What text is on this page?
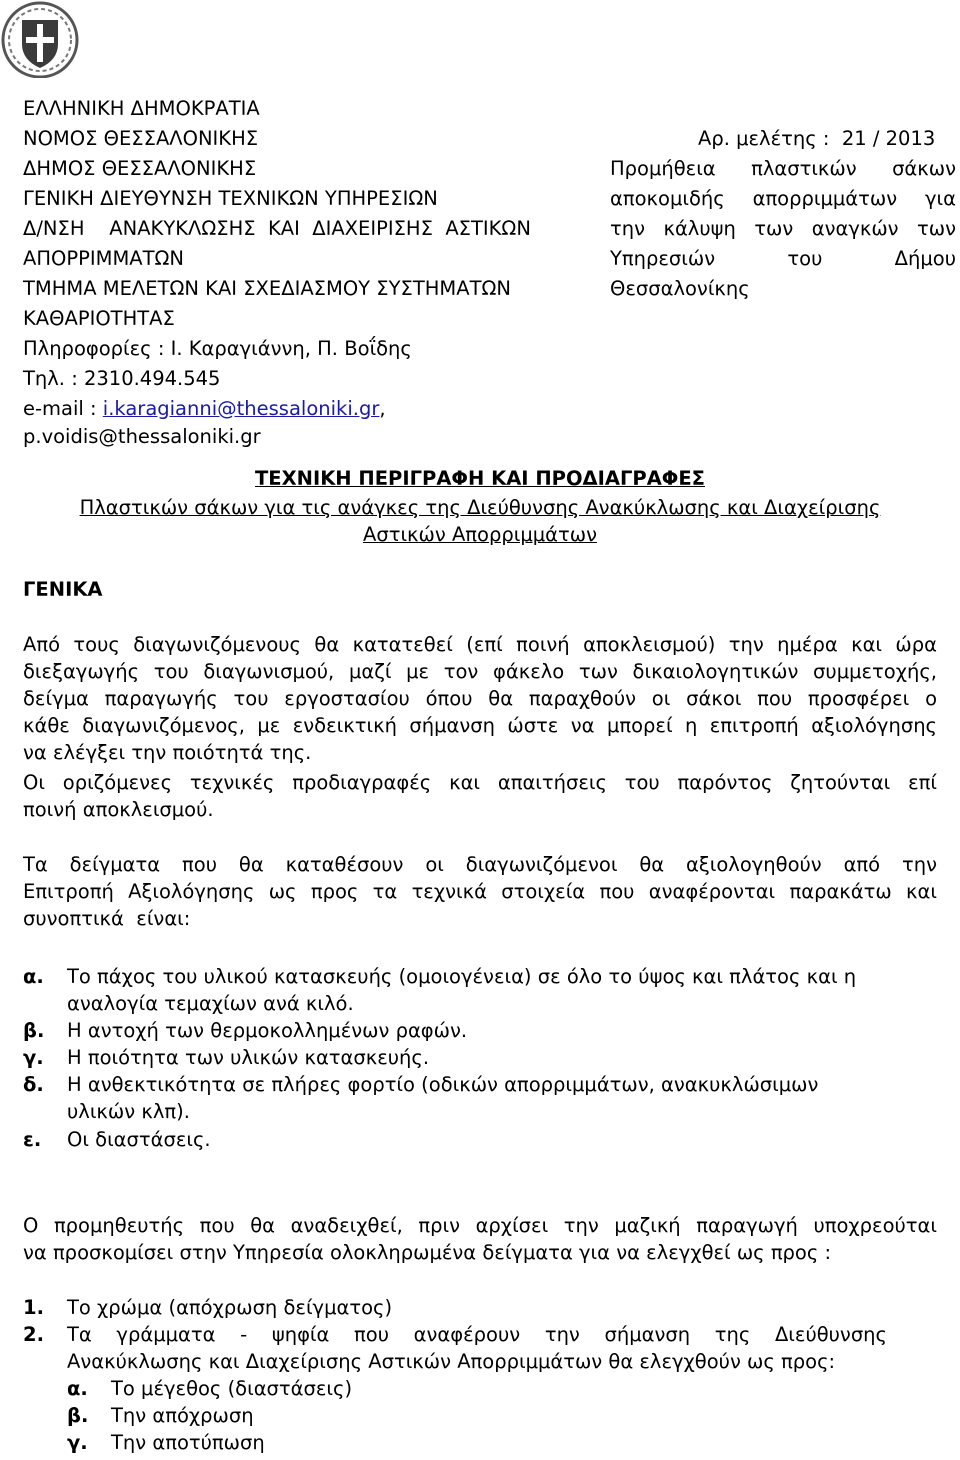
ΕΛΛΗΝΙΚΗ ΔΗΜΟΚΡΑΤΙΑ
ΝΟΜΟΣ ΘΕΣΣΑΛΟΝΙΚΗΣ
ΔΗΜΟΣ ΘΕΣΣΑΛΟΝΙΚΗΣ
ΓΕΝΙΚΗ ΔΙΕΥΘΥΝΣΗ ΤΕΧΝΙΚΩΝ ΥΠΗΡΕΣΙΩΝ
Δ/ΝΣΗ    ΑΝΑΚΥΚΛΩΣΗΣ  ΚΑΙ  ΔΙΑΧΕΙΡΙΣΗΣ  ΑΣΤΙΚΩΝ
ΑΠΟΡΡΙΜΜΑΤΩΝ
ΤΜΗΜΑ ΜΕΛΕΤΩΝ ΚΑΙ ΣΧΕΔΙΑΣΜΟΥ ΣΥΣΤΗΜΑΤΩΝ
ΚΑΘΑΡΙΟΤΗΤΑΣ
Πληροφορίες : Ι. Καραγιάννη, Π. Βοΐδης
Τηλ. : 2310.494.545
e-mail : i.karagianni@thessaloniki.gr,
p.voidis@thessaloniki.gr
Αρ. μελέτης :  21 / 2013
Προμήθεια πλαστικών σάκων
αποκομιδής απορριμμάτων για
την κάλυψη των αναγκών των
Υπηρεσιών του Δήμου
Θεσσαλονίκης
ΤΕΧΝΙΚΗ ΠΕΡΙΓΡΑΦΗ ΚΑΙ ΠΡΟΔΙΑΓΡΑΦΕΣ
Πλαστικών σάκων για τις ανάγκες της Διεύθυνσης Ανακύκλωσης και Διαχείρισης
Αστικών Απορριμμάτων
ΓΕΝΙΚΑ
Από τους διαγωνιζόμενους θα κατατεθεί (επί ποινή αποκλεισμού) την ημέρα και ώρα
διεξαγωγής του διαγωνισμού, μαζί με τον φάκελο των δικαιολογητικών συμμετοχής,
δείγμα παραγωγής του εργοστασίου όπου θα παραχθούν οι σάκοι που προσφέρει ο
κάθε διαγωνιζόμενος, με ενδεικτική σήμανση ώστε να μπορεί η επιτροπή αξιολόγησης
να ελέγξει την ποιότητά της.
Οι οριζόμενες τεχνικές προδιαγραφές και απαιτήσεις του παρόντος ζητούνται επί
ποινή αποκλεισμού.
Τα δείγματα που θα καταθέσουν οι διαγωνιζόμενοι θα αξιολογηθούν από την
Επιτροπή Αξιολόγησης ως προς τα τεχνικά στοιχεία που αναφέρονται παρακάτω και
συνοπτικά  είναι:
α. Το πάχος του υλικού κατασκευής (ομοιογένεια) σε όλο το ύψος και πλάτος και η
αναλογία τεμαχίων ανά κιλό.
β. Η αντοχή των θερμοκολλημένων ραφών.
γ. Η ποιότητα των υλικών κατασκευής.
δ. Η ανθεκτικότητα σε πλήρες φορτίο (οδικών απορριμμάτων, ανακυκλώσιμων
υλικών κλπ).
ε. Οι διαστάσεις.
Ο προμηθευτής που θα αναδειχθεί, πριν αρχίσει την μαζική παραγωγή υποχρεούται
να προσκομίσει στην Υπηρεσία ολοκληρωμένα δείγματα για να ελεγχθεί ως προς :
1. Το χρώμα (απόχρωση δείγματος)
2. Τα γράμματα - ψηφία που αναφέρουν την σήμανση της Διεύθυνσης
Ανακύκλωσης και Διαχείρισης Αστικών Απορριμμάτων θα ελεγχθούν ως προς:
α. Το μέγεθος (διαστάσεις)
β. Την απόχρωση
γ. Την αποτύπωση
